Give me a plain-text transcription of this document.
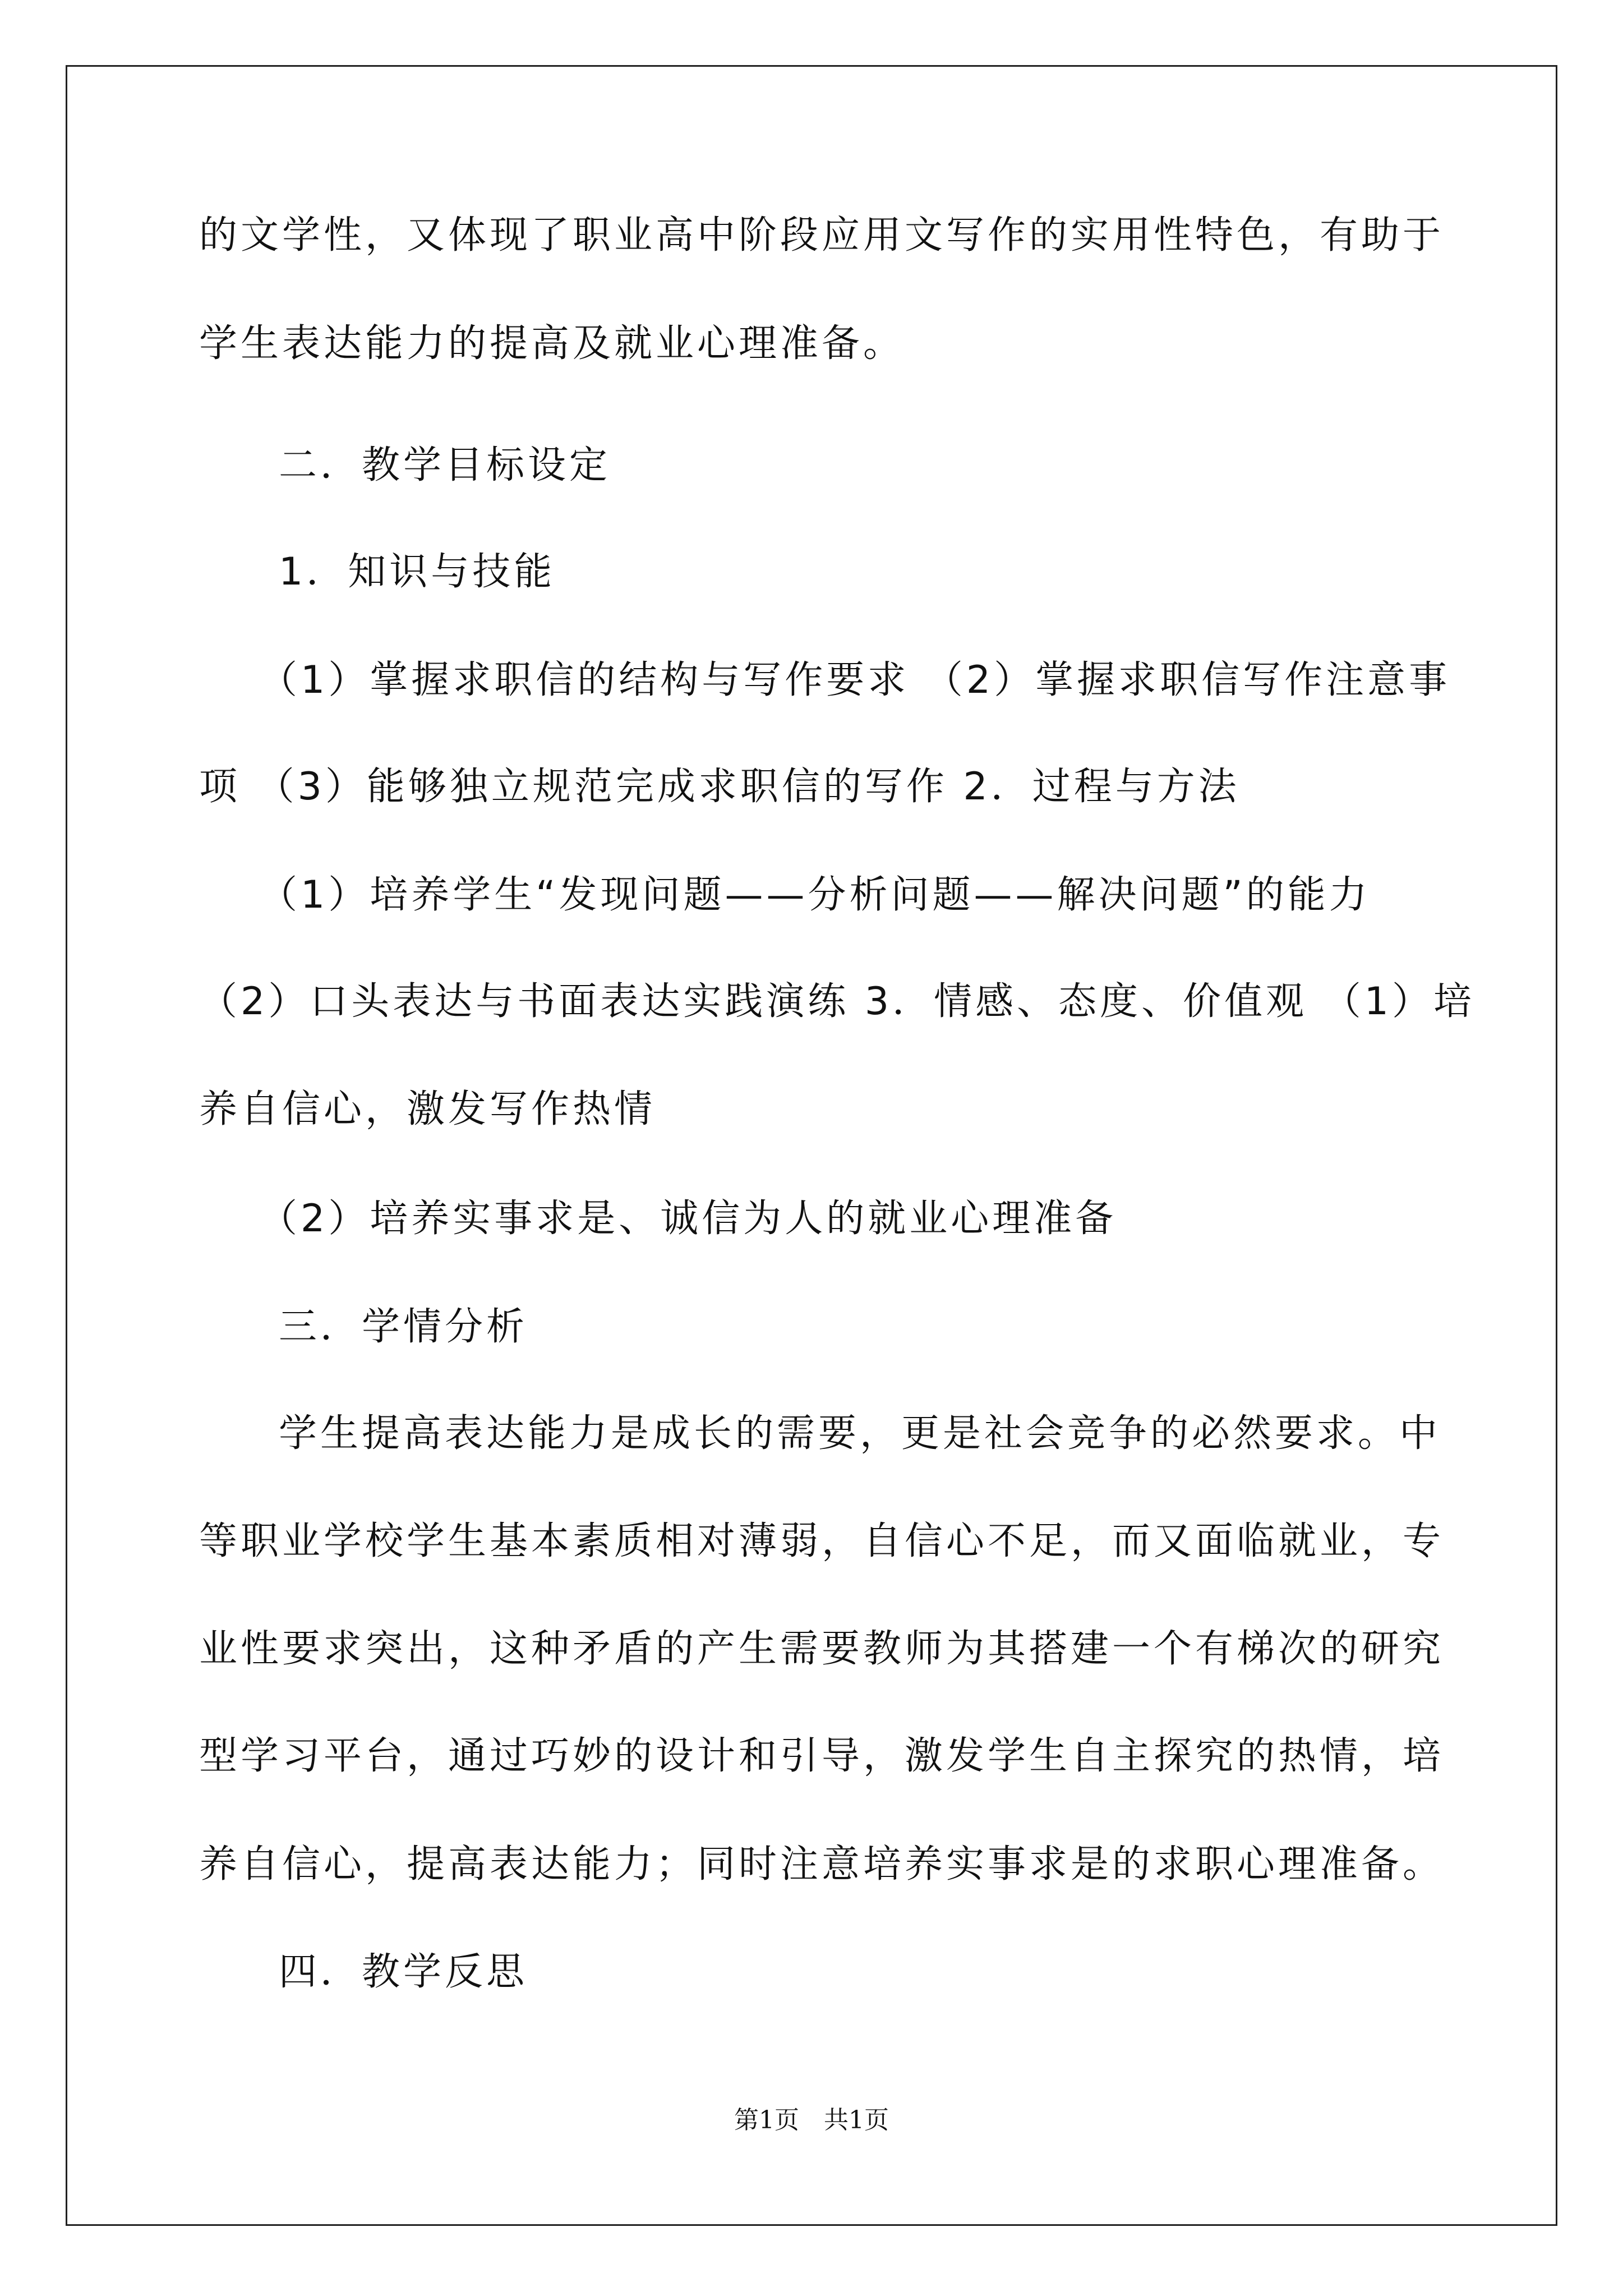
的文学性，又体现了职业高中阶段应用文写作的实用性特色，有助于

学生表达能力的提高及就业心理准备。

二．教学目标设定

1．知识与技能

（1）掌握求职信的结构与写作要求 （2）掌握求职信写作注意事

项 （3）能够独立规范完成求职信的写作 2．过程与方法

（1）培养学生“发现问题——分析问题——解决问题”的能力

（2）口头表达与书面表达实践演练 3．情感、态度、价值观 （1）培

养自信心，激发写作热情

（2）培养实事求是、诚信为人的就业心理准备

三．学情分析

学生提高表达能力是成长的需要，更是社会竞争的必然要求。中

等职业学校学生基本素质相对薄弱，自信心不足，而又面临就业，专

业性要求突出，这种矛盾的产生需要教师为其搭建一个有梯次的研究

型学习平台，通过巧妙的设计和引导，激发学生自主探究的热情，培

养自信心，提高表达能力；同时注意培养实事求是的求职心理准备。

四．教学反思

第1页　共1页
